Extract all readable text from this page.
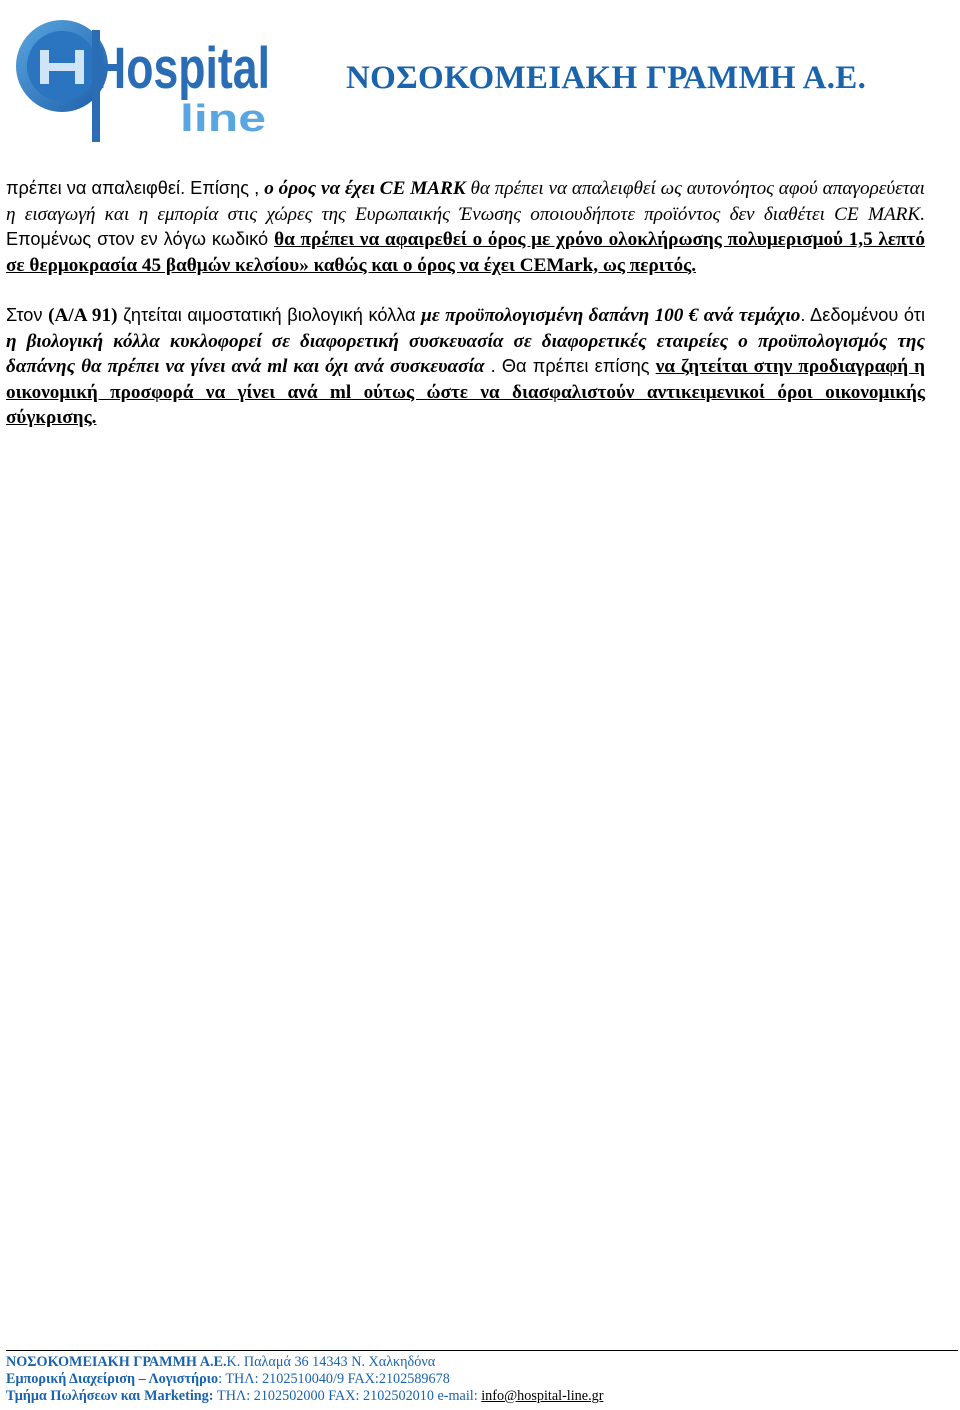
Hospital
line
ΝΟΣΟΚΟΜΕΙΑΚΗ ΓΡΑΜΜΗ Α.Ε.

πρέπει να απαλειφθεί. Επίσης , ο όρος να έχει CE MARK θα πρέπει να απαλειφθεί ως αυτονόητος αφού απαγορεύεται η εισαγωγή και η εμπορία στις χώρες της Ευρωπαικής Ένωσης οποιουδήποτε προϊόντος δεν διαθέτει CE MARK. Επομένως στον εν λόγω κωδικό θα πρέπει να αφαιρεθεί ο όρος με χρόνο ολοκλήρωσης πολυμερισμού 1,5 λεπτό σε θερμοκρασία 45 βαθμών κελσίου» καθώς και ο όρος να έχει CEMark, ως περιτός.

Στον (Α/Α 91) ζητείται αιμοστατική βιολογική κόλλα με προϋπολογισμένη δαπάνη 100 € ανά τεμάχιο. Δεδομένου ότι η βιολογική κόλλα κυκλοφορεί σε διαφορετική συσκευασία σε διαφορετικές εταιρείες ο προϋπολογισμός της δαπάνης θα πρέπει να γίνει ανά ml και όχι ανά συσκευασία . Θα πρέπει επίσης να ζητείται στην προδιαγραφή η οικονομική προσφορά να γίνει ανά ml ούτως ώστε να διασφαλιστούν αντικειμενικοί όροι οικονομικής σύγκρισης.

ΝΟΣΟΚΟΜΕΙΑΚΗ ΓΡΑΜΜΗ Α.Ε.Κ. Παλαμά 36 14343 Ν. Χαλκηδόνα
Εμπορική Διαχείριση – Λογιστήριο: ΤΗΛ: 2102510040/9 FAX:2102589678
Τμήμα Πωλήσεων και Marketing: ΤΗΛ: 2102502000 FAX: 2102502010 e-mail: info@hospital-line.gr
